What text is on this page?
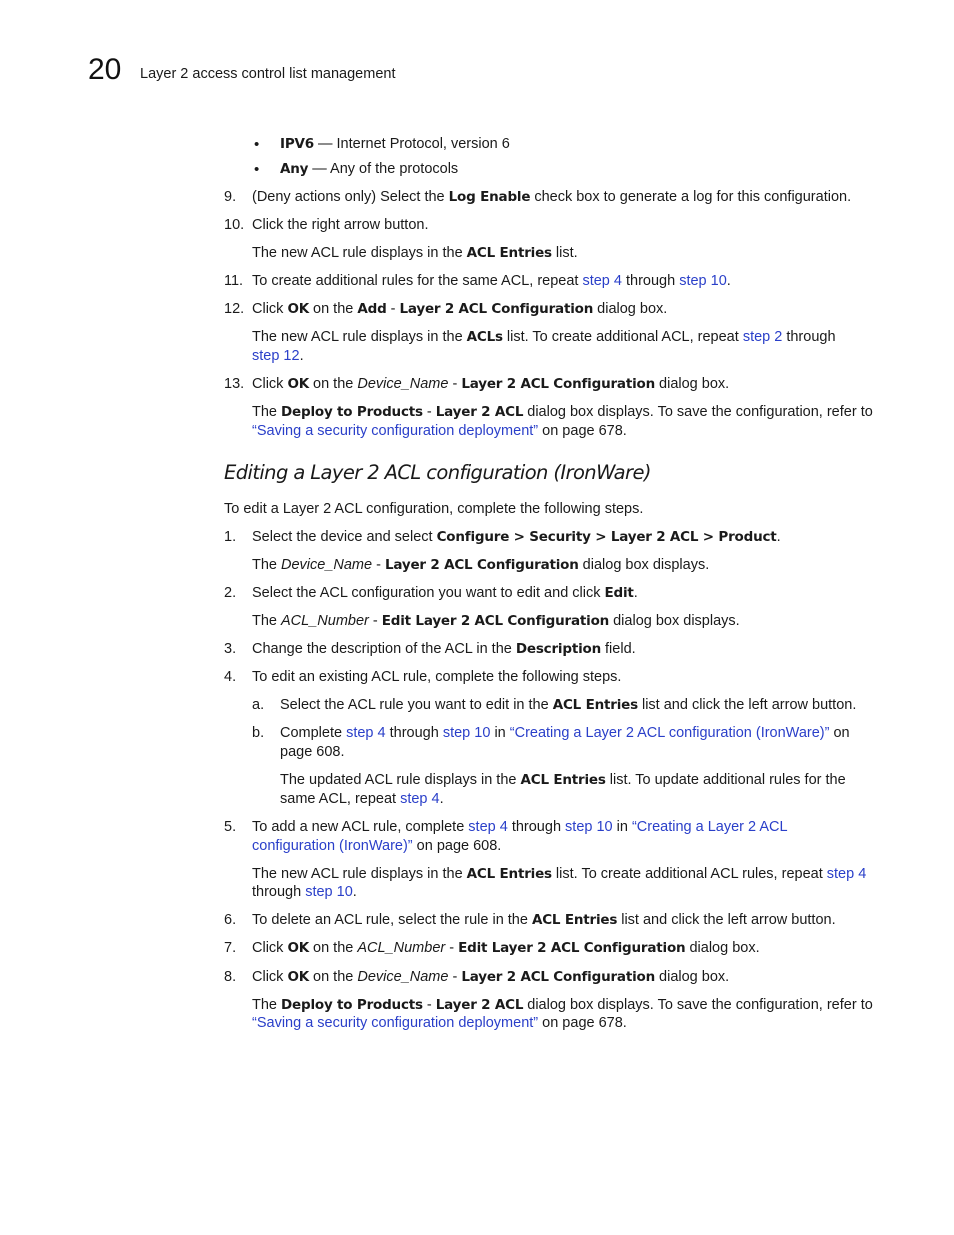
20 Layer 2 access control list management
• IPV6 — Internet Protocol, version 6
• Any — Any of the protocols
9. (Deny actions only) Select the Log Enable check box to generate a log for this configuration.
10. Click the right arrow button.
The new ACL rule displays in the ACL Entries list.
11. To create additional rules for the same ACL, repeat step 4 through step 10.
12. Click OK on the Add - Layer 2 ACL Configuration dialog box.
The new ACL rule displays in the ACLs list. To create additional ACL, repeat step 2 through
step 12.
13. Click OK on the Device_Name - Layer 2 ACL Configuration dialog box.
The Deploy to Products - Layer 2 ACL dialog box displays. To save the configuration, refer to
“Saving a security configuration deployment” on page 678.
Editing a Layer 2 ACL configuration (IronWare)
To edit a Layer 2 ACL configuration, complete the following steps.
1. Select the device and select Configure > Security > Layer 2 ACL > Product.
The Device_Name - Layer 2 ACL Configuration dialog box displays.
2. Select the ACL configuration you want to edit and click Edit.
The ACL_Number - Edit Layer 2 ACL Configuration dialog box displays.
3. Change the description of the ACL in the Description field.
4. To edit an existing ACL rule, complete the following steps.
a. Select the ACL rule you want to edit in the ACL Entries list and click the left arrow button.
b. Complete step 4 through step 10 in “Creating a Layer 2 ACL configuration (IronWare)” on
page 608.
The updated ACL rule displays in the ACL Entries list. To update additional rules for the
same ACL, repeat step 4.
5. To add a new ACL rule, complete step 4 through step 10 in “Creating a Layer 2 ACL
configuration (IronWare)” on page 608.
The new ACL rule displays in the ACL Entries list. To create additional ACL rules, repeat step 4
through step 10.
6. To delete an ACL rule, select the rule in the ACL Entries list and click the left arrow button.
7. Click OK on the ACL_Number - Edit Layer 2 ACL Configuration dialog box.
8. Click OK on the Device_Name - Layer 2 ACL Configuration dialog box.
The Deploy to Products - Layer 2 ACL dialog box displays. To save the configuration, refer to
“Saving a security configuration deployment” on page 678.
